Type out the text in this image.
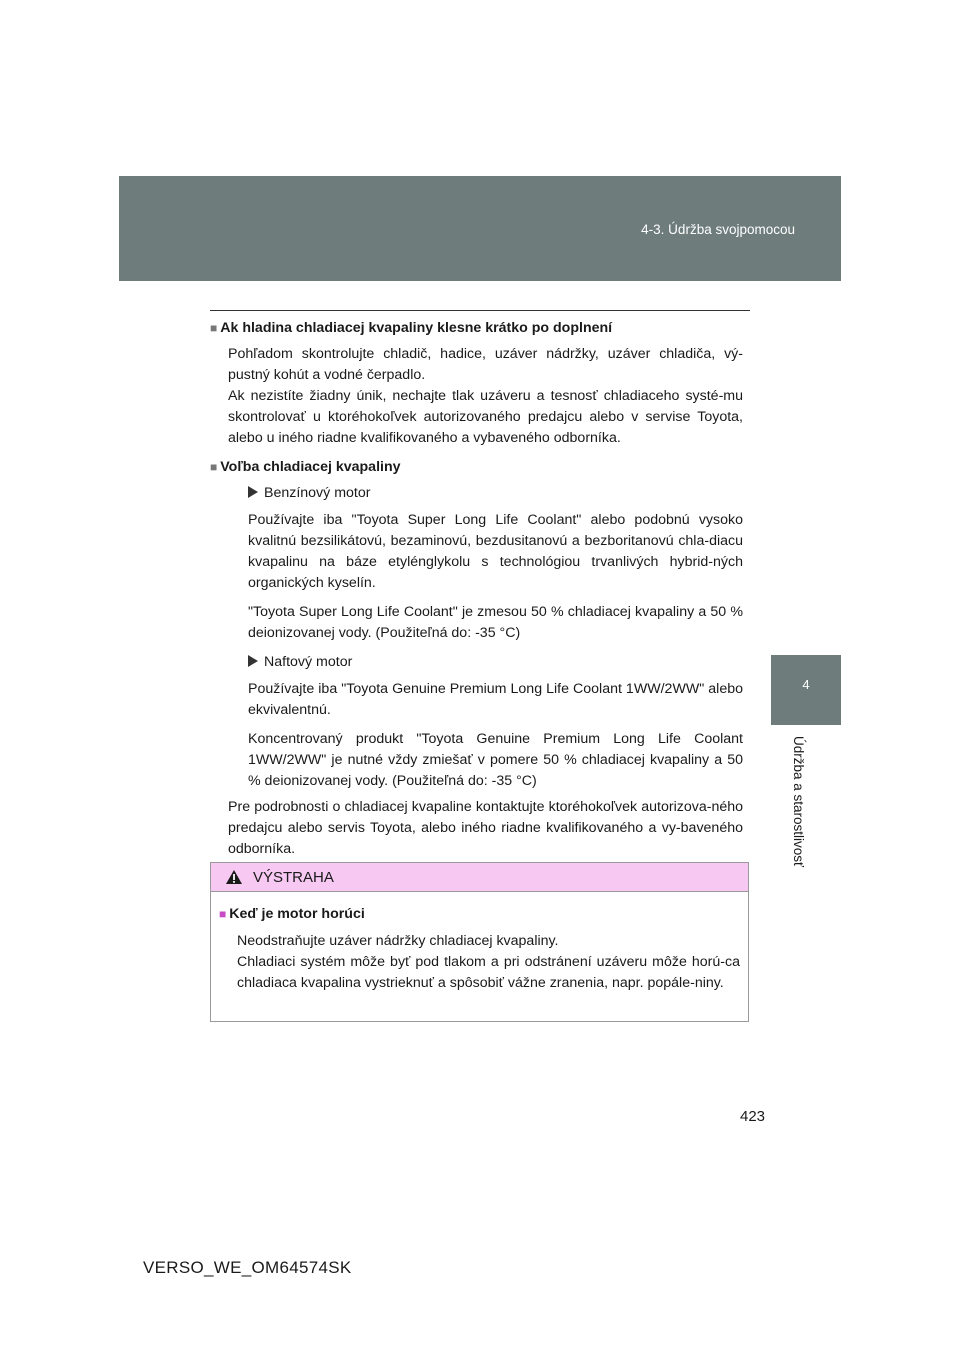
4-3. Údržba svojpomocou
4
Údržba a starostlivosť
■ Ak hladina chladiacej kvapaliny klesne krátko po doplnení
Pohľadom skontrolujte chladič, hadice, uzáver nádržky, uzáver chladiča, vý-pustný kohút a vodné čerpadlo.
Ak nezistíte žiadny únik, nechajte tlak uzáveru a tesnosť chladiaceho systé-mu skontrolovať u ktoréhokoľvek autorizovaného predajcu alebo v servise Toyota, alebo u iného riadne kvalifikovaného a vybaveného odborníka.
■ Voľba chladiacej kvapaliny
Benzínový motor
Používajte iba "Toyota Super Long Life Coolant" alebo podobnú vysoko kvalitnú bezsilikátovú, bezaminovú, bezdusitanovú a bezboritanovú chla-diacu kvapalinu na báze etylénglykolu s technológiou trvanlivých hybrid-ných organických kyselín.
"Toyota Super Long Life Coolant" je zmesou 50 % chladiacej kvapaliny a 50 % deionizovanej vody. (Použiteľná do: -35 °C)
Naftový motor
Používajte iba "Toyota Genuine Premium Long Life Coolant 1WW/2WW" alebo ekvivalentnú.
Koncentrovaný produkt "Toyota Genuine Premium Long Life Coolant 1WW/2WW" je nutné vždy zmiešať v pomere 50 % chladiacej kvapaliny a 50 % deionizovanej vody. (Použiteľná do: -35 °C)
Pre podrobnosti o chladiacej kvapaline kontaktujte ktoréhokoľvek autorizova-ného predajcu alebo servis Toyota, alebo iného riadne kvalifikovaného a vy-baveného odborníka.
VÝSTRAHA
■ Keď je motor horúci
Neodstraňujte uzáver nádržky chladiacej kvapaliny.
Chladiaci systém môže byť pod tlakom a pri odstránení uzáveru môže horú-ca chladiaca kvapalina vystrieknuť a spôsobiť vážne zranenia, napr. popále-niny.
423
VERSO_WE_OM64574SK
